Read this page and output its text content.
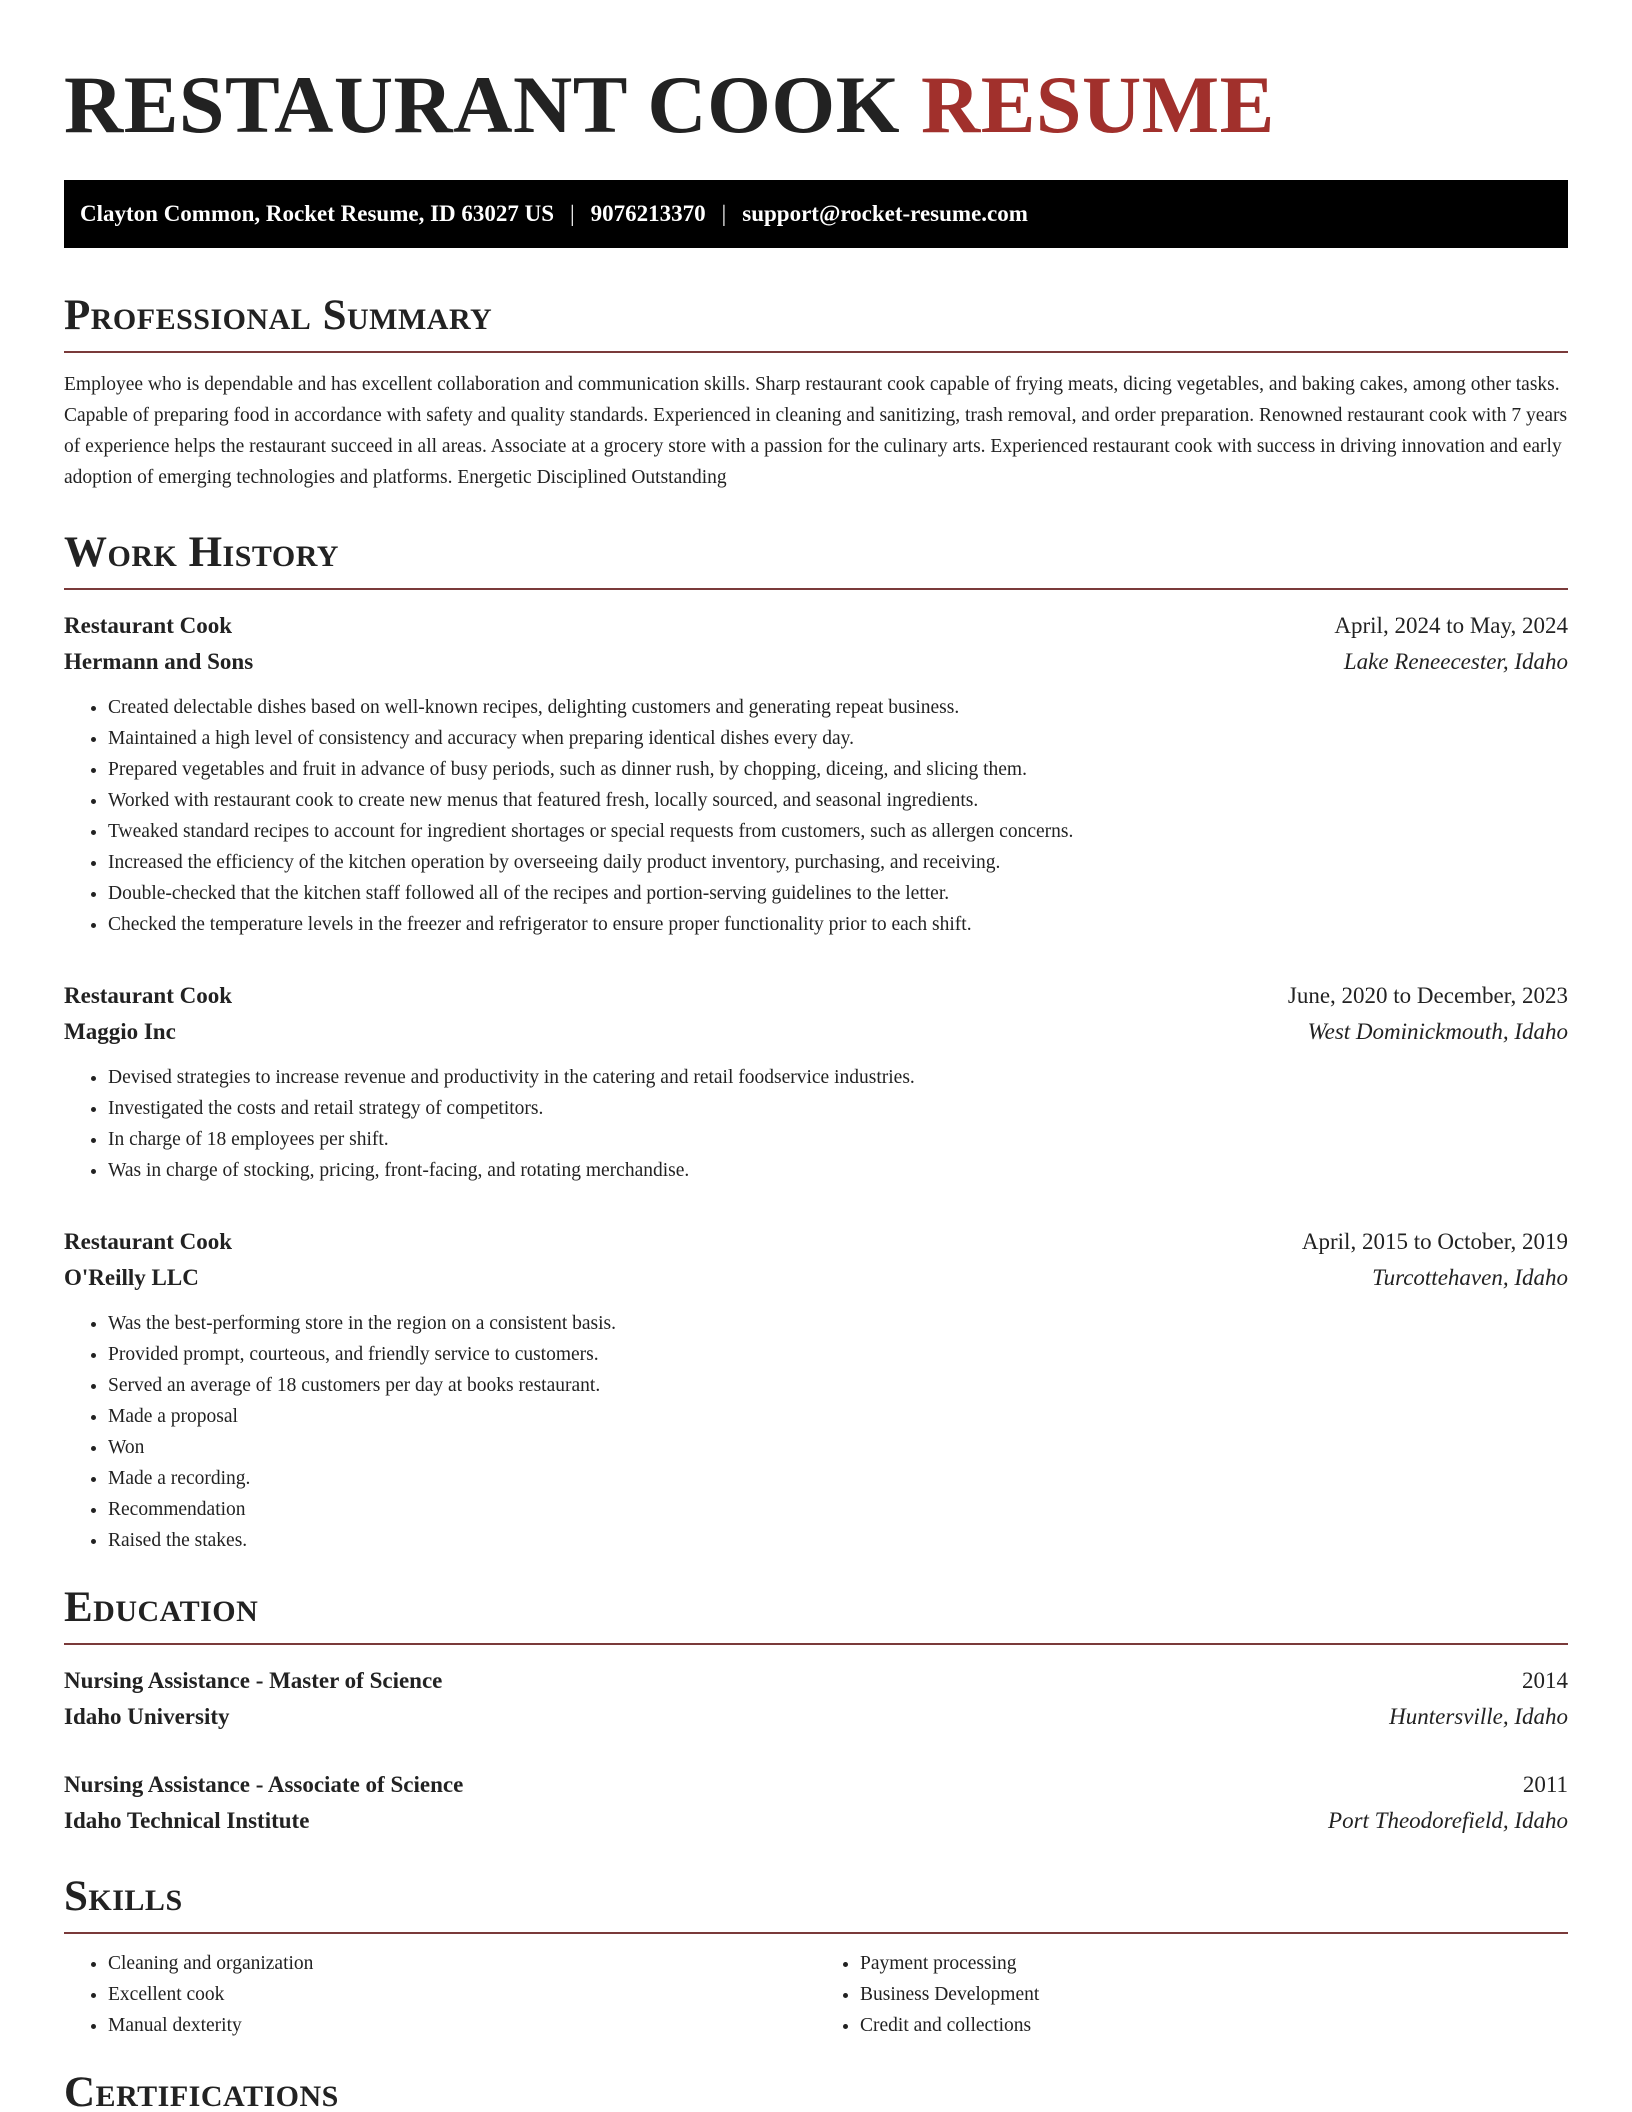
RESTAURANT COOK RESUME
Clayton Common, Rocket Resume, ID 63027 US | 9076213370 | support@rocket-resume.com
Professional Summary

Employee who is dependable and has excellent collaboration and communication skills. Sharp restaurant cook capable of frying meats, dicing vegetables, and baking cakes, among other tasks. Capable of preparing food in accordance with safety and quality standards. Experienced in cleaning and sanitizing, trash removal, and order preparation. Renowned restaurant cook with 7 years of experience helps the restaurant succeed in all areas. Associate at a grocery store with a passion for the culinary arts. Experienced restaurant cook with success in driving innovation and early adoption of emerging technologies and platforms. Energetic Disciplined Outstanding

Work History
Restaurant Cook	April, 2024 to May, 2024
Hermann and Sons	Lake Reneecester, Idaho
• Created delectable dishes based on well-known recipes, delighting customers and generating repeat business.
• Maintained a high level of consistency and accuracy when preparing identical dishes every day.
• Prepared vegetables and fruit in advance of busy periods, such as dinner rush, by chopping, diceing, and slicing them.
• Worked with restaurant cook to create new menus that featured fresh, locally sourced, and seasonal ingredients.
• Tweaked standard recipes to account for ingredient shortages or special requests from customers, such as allergen concerns.
• Increased the efficiency of the kitchen operation by overseeing daily product inventory, purchasing, and receiving.
• Double-checked that the kitchen staff followed all of the recipes and portion-serving guidelines to the letter.
• Checked the temperature levels in the freezer and refrigerator to ensure proper functionality prior to each shift.
Restaurant Cook	June, 2020 to December, 2023
Maggio Inc	West Dominickmouth, Idaho
• Devised strategies to increase revenue and productivity in the catering and retail foodservice industries.
• Investigated the costs and retail strategy of competitors.
• In charge of 18 employees per shift.
• Was in charge of stocking, pricing, front-facing, and rotating merchandise.
Restaurant Cook	April, 2015 to October, 2019
O'Reilly LLC	Turcottehaven, Idaho
• Was the best-performing store in the region on a consistent basis.
• Provided prompt, courteous, and friendly service to customers.
• Served an average of 18 customers per day at books restaurant.
• Made a proposal
• Won
• Made a recording.
• Recommendation
• Raised the stakes.
Education
Nursing Assistance - Master of Science	2014
Idaho University	Huntersville, Idaho
Nursing Assistance - Associate of Science	2011
Idaho Technical Institute	Port Theodorefield, Idaho
Skills
• Cleaning and organization
• Excellent cook
• Manual dexterity
• Payment processing
• Business Development
• Credit and collections
Certifications
